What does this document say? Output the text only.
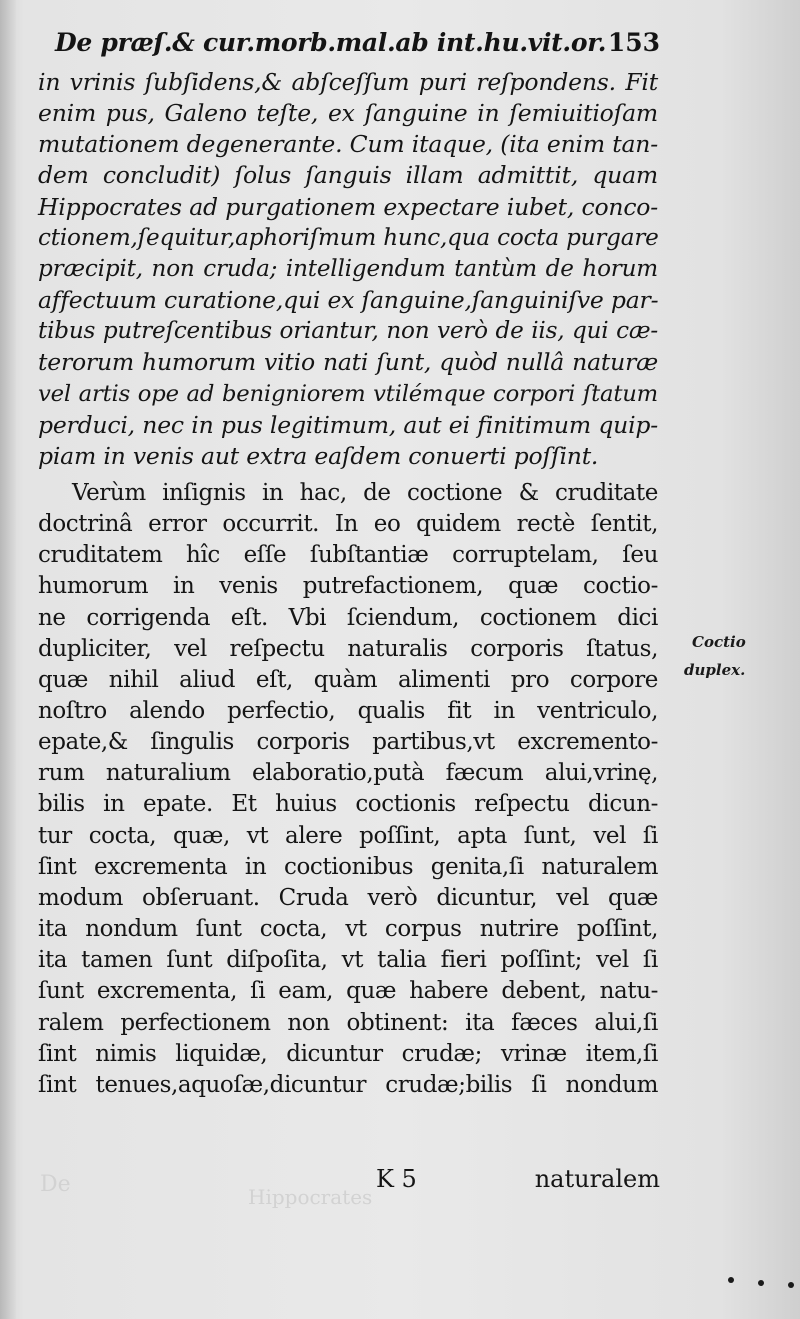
De	Hippocrates
De præſ.& cur.morb.mal.ab int.hu.vit.or. 153
in vrinis ſubſidens,& abſceſſum puri reſpondens. Fit
enim pus, Galeno teſte, ex ſanguine in ſemiuitioſam
mutationem degenerante. Cum itaque, (ita enim tan-
dem concludit) ſolus ſanguis illam admittit, quam
Hippocrates ad purgationem expectare iubet, conco-
ctionem,ſequitur,aphoriſmum hunc,qua cocta purgare
præcipit, non cruda; intelligendum tantùm de horum
affectuum curatione,qui ex ſanguine,ſanguiniſve par-
tibus putreſcentibus oriantur, non verò de iis, qui cæ-
terorum humorum vitio nati ſunt, quòd nullâ naturæ
vel artis ope ad benigniorem vtilémque corpori ſtatum
perduci, nec in pus legitimum, aut ei finitimum quip-
piam in venis aut extra eaſdem conuerti poſſint.
Verùm inſignis in hac, de coctione & cruditate
doctrinâ error occurrit. In eo quidem rectè ſentit,
cruditatem hîc eſſe ſubſtantiæ corruptelam, ſeu
humorum in venis putrefactionem, quæ coctio-
ne corrigenda eſt. Vbi ſciendum, coctionem dici
dupliciter, vel reſpectu naturalis corporis ſtatus,
quæ nihil aliud eſt, quàm alimenti pro corpore
noſtro alendo perfectio, qualis fit in ventriculo,
epate,& ſingulis corporis partibus,vt excremento-
rum naturalium elaboratio,putà fæcum alui,vrinę,
bilis in epate. Et huius coctionis reſpectu dicun-
tur cocta, quæ, vt alere poſſint, apta ſunt, vel ſi
ſint excrementa in coctionibus genita,ſi naturalem
modum obſeruant. Cruda verò dicuntur, vel quæ
ita nondum ſunt cocta, vt corpus nutrire poſſint,
ita tamen ſunt diſpoſita, vt talia fieri poſſint; vel ſi
ſunt excrementa, ſi eam, quæ habere debent, natu-
ralem perfectionem non obtinent: ita fæces alui,ſi
ſint nimis liquidæ, dicuntur crudæ; vrinæ item,ſi
ſint tenues,aquoſæ,dicuntur crudæ;bilis ſi nondum
Coctio
duplex.
K 5	naturalem
